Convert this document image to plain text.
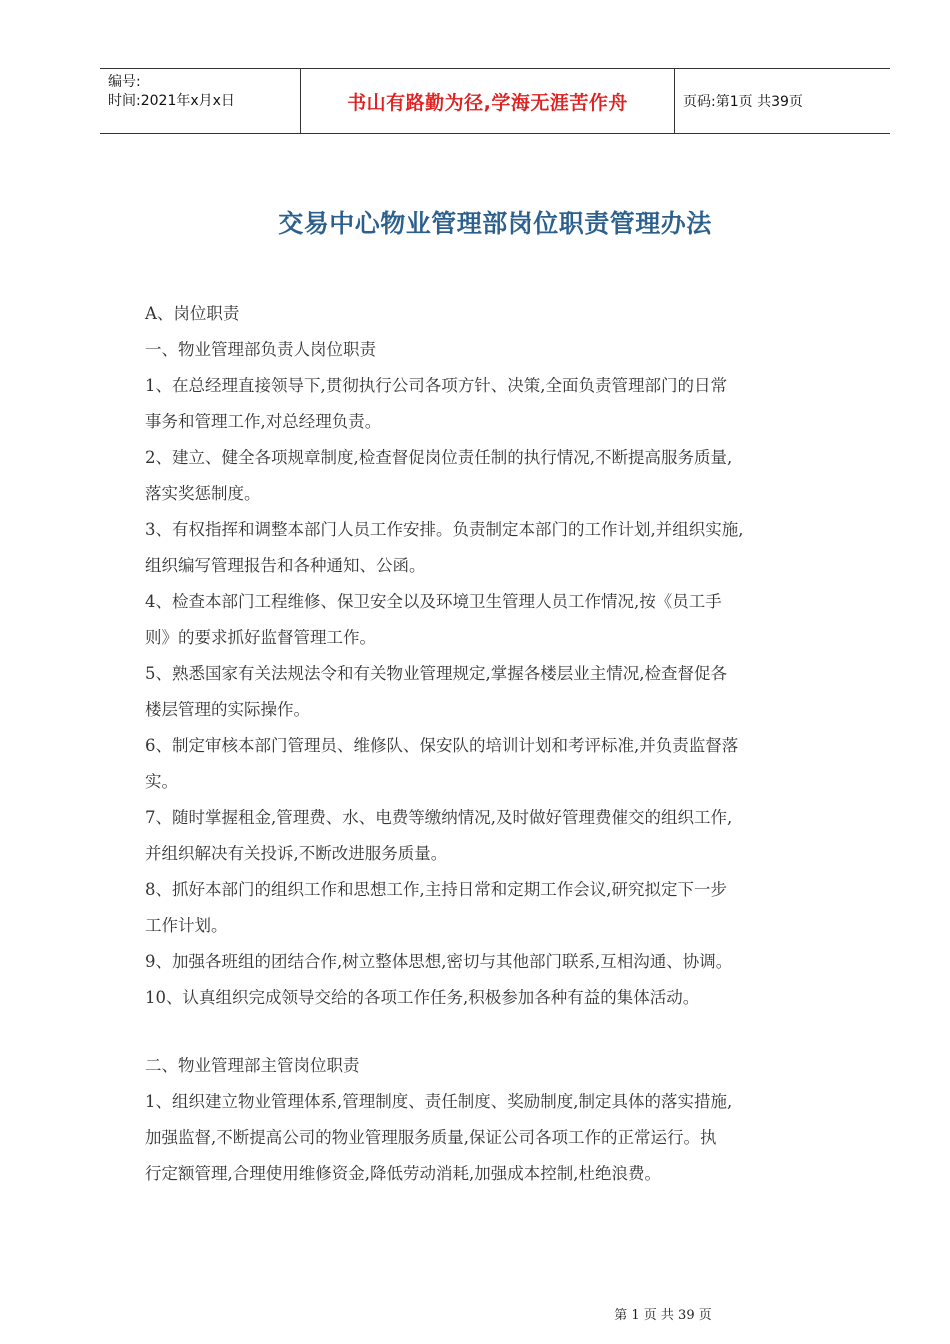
编号:
时间:2021年x月x日	书山有路勤为径,学海无涯苦作舟	页码:第1页 共39页
交易中心物业管理部岗位职责管理办法

A、岗位职责

一、物业管理部负责人岗位职责

1、在总经理直接领导下,贯彻执行公司各项方针、决策,全面负责管理部门的日常

事务和管理工作,对总经理负责。

2、建立、健全各项规章制度,检查督促岗位责任制的执行情况,不断提高服务质量,

落实奖惩制度。

3、有权指挥和调整本部门人员工作安排。负责制定本部门的工作计划,并组织实施,

组织编写管理报告和各种通知、公函。

4、检查本部门工程维修、保卫安全以及环境卫生管理人员工作情况,按《员工手

则》的要求抓好监督管理工作。

5、熟悉国家有关法规法令和有关物业管理规定,掌握各楼层业主情况,检查督促各

楼层管理的实际操作。

6、制定审核本部门管理员、维修队、保安队的培训计划和考评标准,并负责监督落

实。

7、随时掌握租金,管理费、水、电费等缴纳情况,及时做好管理费催交的组织工作,

并组织解决有关投诉,不断改进服务质量。

8、抓好本部门的组织工作和思想工作,主持日常和定期工作会议,研究拟定下一步

工作计划。

9、加强各班组的团结合作,树立整体思想,密切与其他部门联系,互相沟通、协调。

10、认真组织完成领导交给的各项工作任务,积极参加各种有益的集体活动。

二、物业管理部主管岗位职责

1、组织建立物业管理体系,管理制度、责任制度、奖励制度,制定具体的落实措施,

加强监督,不断提高公司的物业管理服务质量,保证公司各项工作的正常运行。执

行定额管理,合理使用维修资金,降低劳动消耗,加强成本控制,杜绝浪费。

第 1 页 共 39 页
